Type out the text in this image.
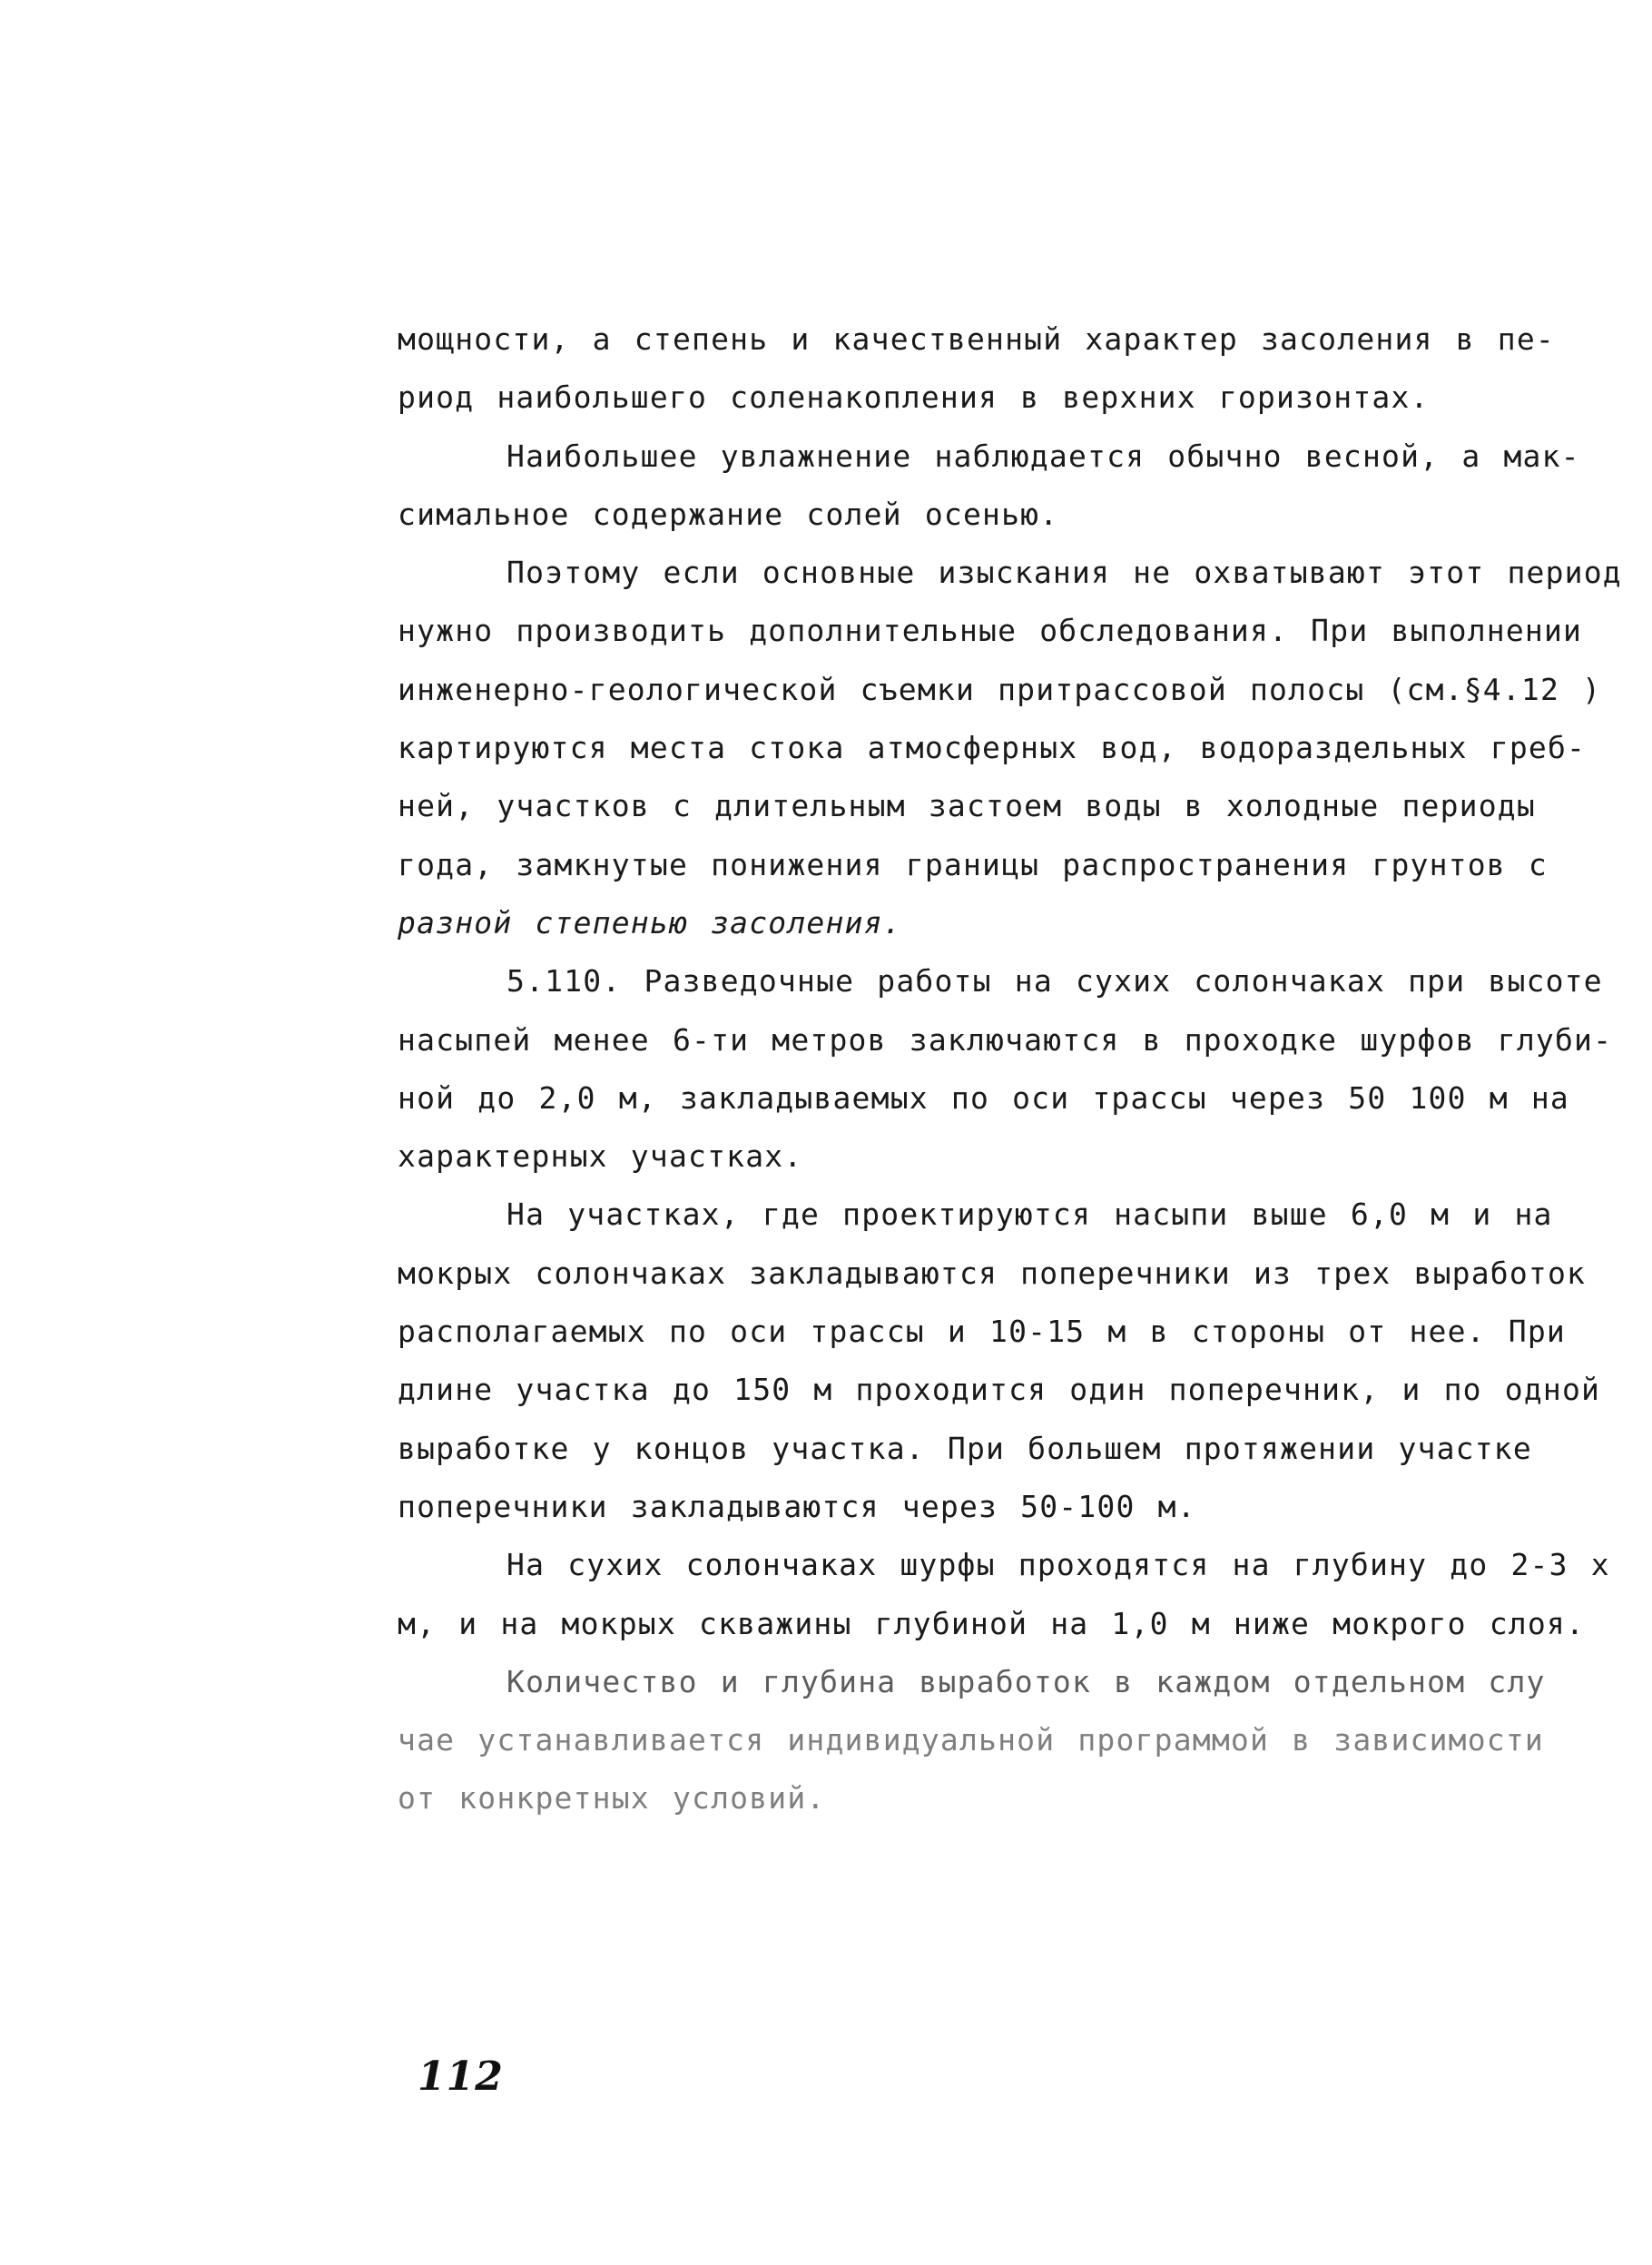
мощности, а степень и качественный характер засоления в пе-
риод наибольшего соленакопления в верхних горизонтах.
Наибольшее увлажнение наблюдается обычно весной, а мак-
симальное содержание солей осенью.
Поэтому если основные изыскания не охватывают этот период
нужно производить дополнительные обследования. При выполнении
инженерно-геологической съемки притрассовой полосы (см.§4.12 )
картируются места стока атмосферных вод, водораздельных греб-
ней, участков с длительным застоем воды в холодные периоды
года, замкнутые понижения границы распространения грунтов с
разной степенью засоления.
5.110. Разведочные работы на сухих солончаках при высоте
насыпей менее 6-ти метров заключаются в проходке шурфов глуби-
ной до 2,0 м, закладываемых по оси трассы через 50 100 м на
характерных участках.
На участках, где проектируются насыпи выше 6,0 м и на
мокрых солончаках закладываются поперечники из трех выработок
располагаемых по оси трассы и 10-15 м в стороны от нее. При
длине участка до 150 м проходится один поперечник, и по одной
выработке у концов участка. При большем протяжении участке
поперечники закладываются через 50-100 м.
На сухих солончаках шурфы проходятся на глубину до 2-3 х
м, и на мокрых скважины глубиной на 1,0 м ниже мокрого слоя.
Количество и глубина выработок в каждом отдельном слу
чае устанавливается индивидуальной программой в зависимости
от конкретных условий.
112
